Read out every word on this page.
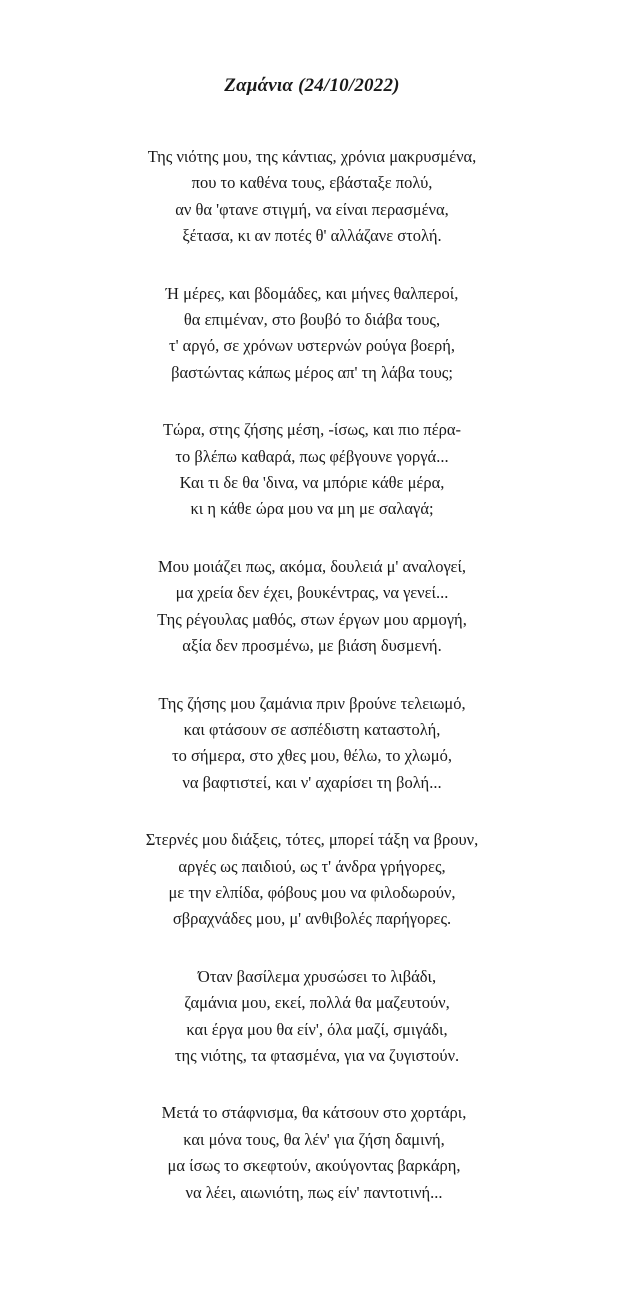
Ζαμάνια (24/10/2022)
Της νιότης μου, της κάντιας, χρόνια μακρυσμένα,
που το καθένα τους, εβάσταξε πολύ,
αν θα 'φτανε στιγμή, να είναι περασμένα,
ξέτασα, κι αν ποτές θ' αλλάζανε στολή.
Ή μέρες, και βδομάδες, και μήνες θαλπεροί,
θα επιμέναν, στο βουβό το διάβα τους,
τ' αργό, σε χρόνων υστερνών ρούγα βοερή,
βαστώντας κάπως μέρος απ' τη λάβα τους;
Τώρα, στης ζήσης μέση, -ίσως, και πιο πέρα-
το βλέπω καθαρά, πως φέβγουνε γοργά...
Και τι δε θα 'δινα, να μπόριε κάθε μέρα,
κι η κάθε ώρα μου να μη με σαλαγά;
Μου μοιάζει πως, ακόμα, δουλειά μ' αναλογεί,
μα χρεία δεν έχει, βουκέντρας, να γενεί...
Της ρέγουλας μαθός, στων έργων μου αρμογή,
αξία δεν προσμένω, με βιάση δυσμενή.
Της ζήσης μου ζαμάνια πριν βρούνε τελειωμό,
και φτάσουν σε ασπέδιστη καταστολή,
το σήμερα, στο χθες μου, θέλω, το χλωμό,
να βαφτιστεί, και ν' αχαρίσει τη βολή...
Στερνές μου διάξεις, τότες, μπορεί τάξη να βρουν,
αργές ως παιδιού, ως τ' άνδρα γρήγορες,
με την ελπίδα, φόβους μου να φιλοδωρούν,
σβραχνάδες μου, μ' ανθιβολές παρήγορες.
Όταν βασίλεμα χρυσώσει το λιβάδι,
ζαμάνια μου, εκεί, πολλά θα μαζευτούν,
και έργα μου θα είν', όλα μαζί, σμιγάδι,
της νιότης, τα φτασμένα, για να ζυγιστούν.
Μετά το στάφνισμα, θα κάτσουν στο χορτάρι,
και μόνα τους, θα λέν' για ζήση δαμινή,
μα ίσως το σκεφτούν, ακούγοντας βαρκάρη,
να λέει, αιωνιότη, πως είν' παντοτινή...
